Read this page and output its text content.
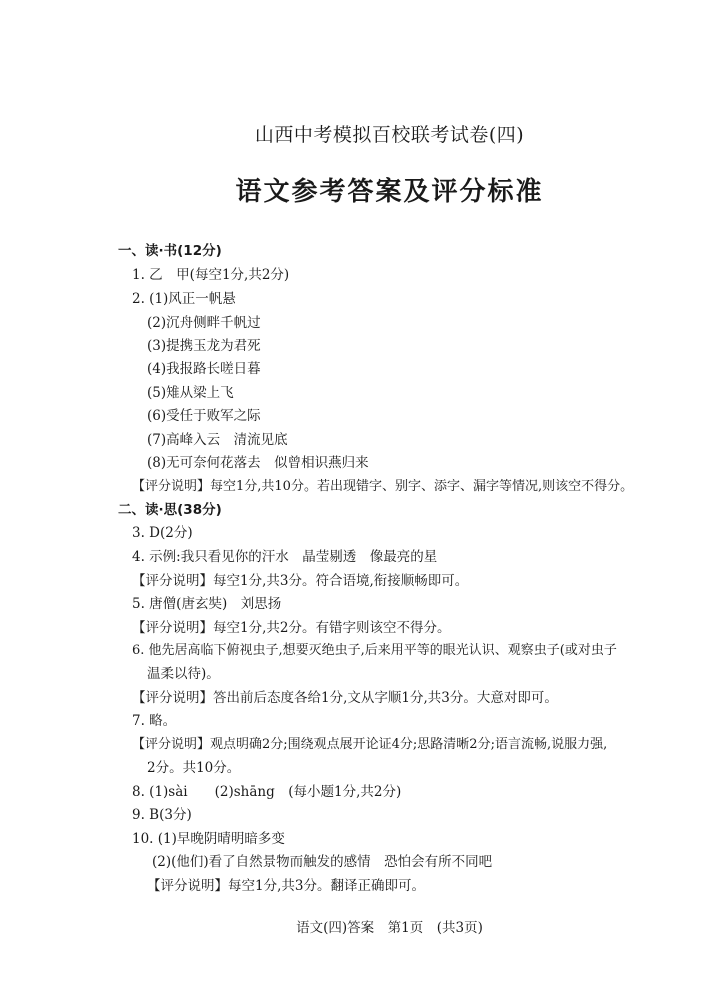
山西中考模拟百校联考试卷(四)
语文参考答案及评分标准
一、读·书(12分)
1. 乙　甲(每空1分,共2分)
2. (1)风正一帆悬
(2)沉舟侧畔千帆过
(3)提携玉龙为君死
(4)我报路长嗟日暮
(5)雉从梁上飞
(6)受任于败军之际
(7)高峰入云　清流见底
(8)无可奈何花落去　似曾相识燕归来
【评分说明】每空1分,共10分。若出现错字、别字、添字、漏字等情况,则该空不得分。
二、读·思(38分)
3. D(2分)
4. 示例:我只看见你的汗水　晶莹剔透　像最亮的星
【评分说明】每空1分,共3分。符合语境,衔接顺畅即可。
5. 唐僧(唐玄奘)　刘思扬
【评分说明】每空1分,共2分。有错字则该空不得分。
6. 他先居高临下俯视虫子,想要灭绝虫子,后来用平等的眼光认识、观察虫子(或对虫子
温柔以待)。
【评分说明】答出前后态度各给1分,文从字顺1分,共3分。大意对即可。
7. 略。
【评分说明】观点明确2分;围绕观点展开论证4分;思路清晰2分;语言流畅,说服力强,
2分。共10分。
8. (1)sài　　(2)shāng　(每小题1分,共2分)
9. B(3分)
10. (1)早晚阴晴明暗多变
(2)(他们)看了自然景物而触发的感情　恐怕会有所不同吧
【评分说明】每空1分,共3分。翻译正确即可。
语文(四)答案　第1页　(共3页)
